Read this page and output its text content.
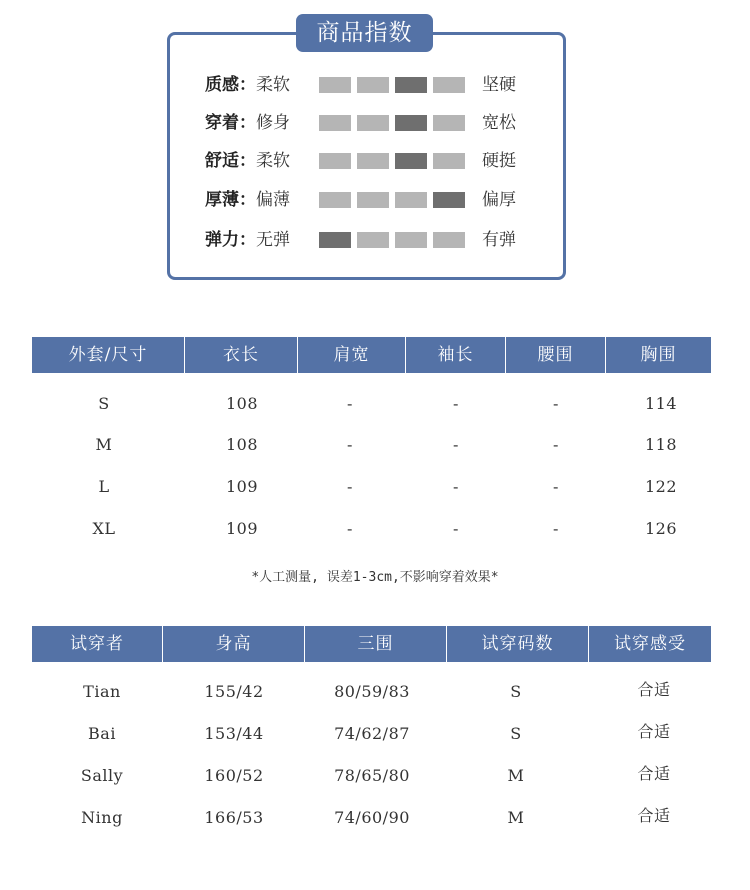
商品指数
质感：柔软	坚硬
穿着：修身	宽松
舒适：柔软	硬挺
厚薄：偏薄	偏厚
弹力：无弹	有弹
外套/尺寸	衣长	肩宽	袖长	腰围	胸围
S	108	-	-	-	114
M	108	-	-	-	118
L	109	-	-	-	122
XL	109	-	-	-	126
*人工测量, 误差1-3cm,不影响穿着效果*
试穿者	身高	三围	试穿码数	试穿感受
Tian	155/42	80/59/83	S	合适
Bai	153/44	74/62/87	S	合适
Sally	160/52	78/65/80	M	合适
Ning	166/53	74/60/90	M	合适
